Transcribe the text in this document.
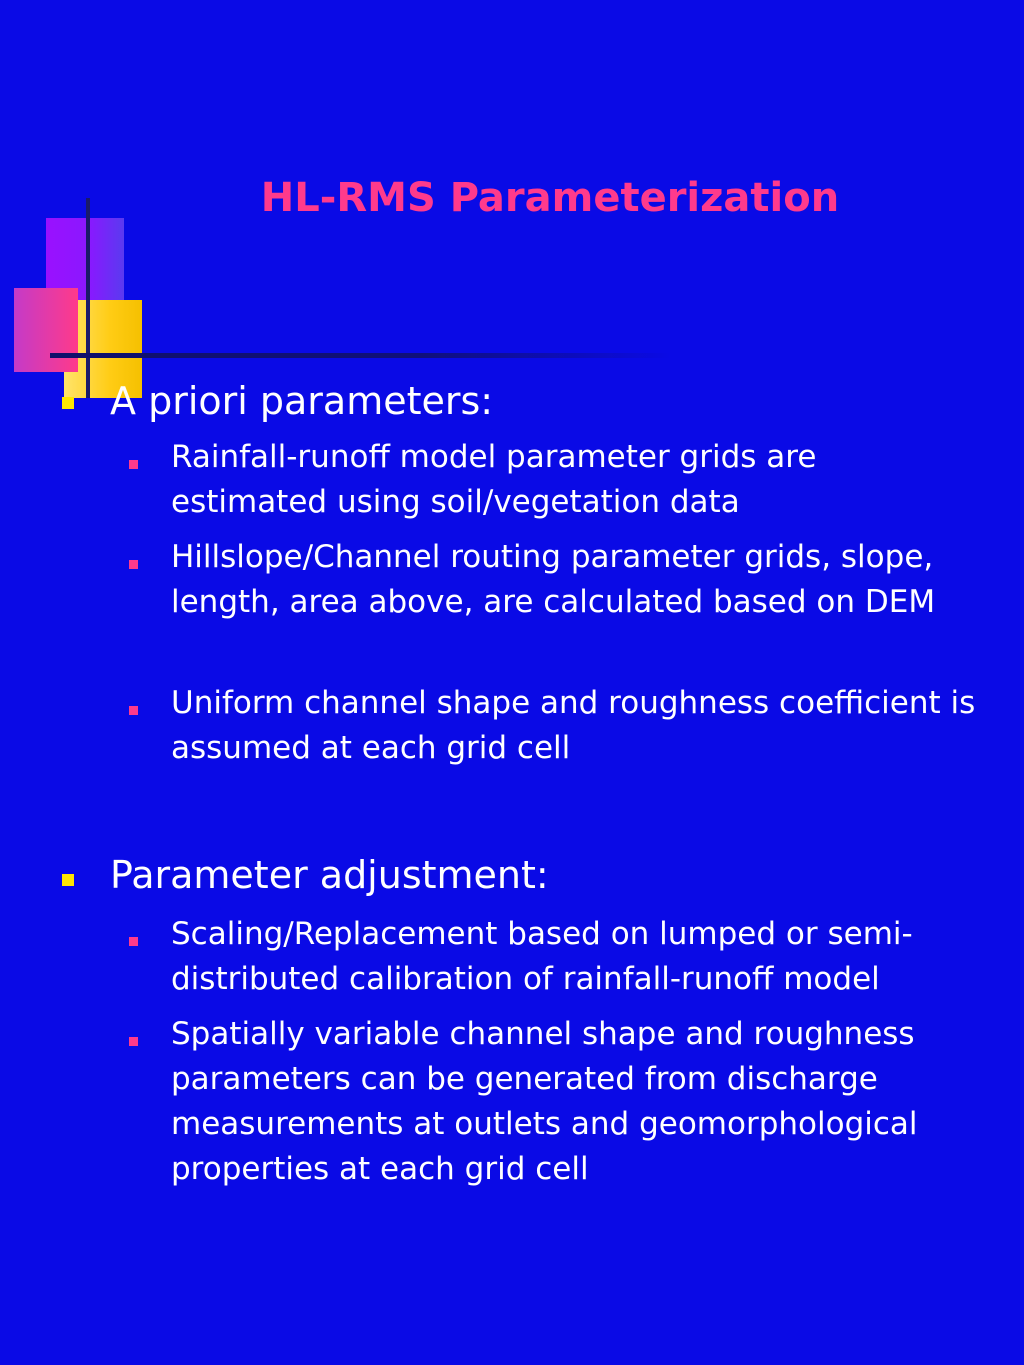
HL-RMS Parameterization
A priori parameters:
Rainfall-runoff model parameter grids are estimated using soil/vegetation data
Hillslope/Channel routing parameter grids, slope, length, area above, are calculated based on DEM
Uniform channel shape and roughness coefficient is assumed at each grid cell
Parameter adjustment:
Scaling/Replacement based on lumped or semi-distributed calibration of rainfall-runoff model
Spatially variable channel shape and roughness parameters can be generated from discharge measurements at outlets and geomorphological properties at each grid cell
